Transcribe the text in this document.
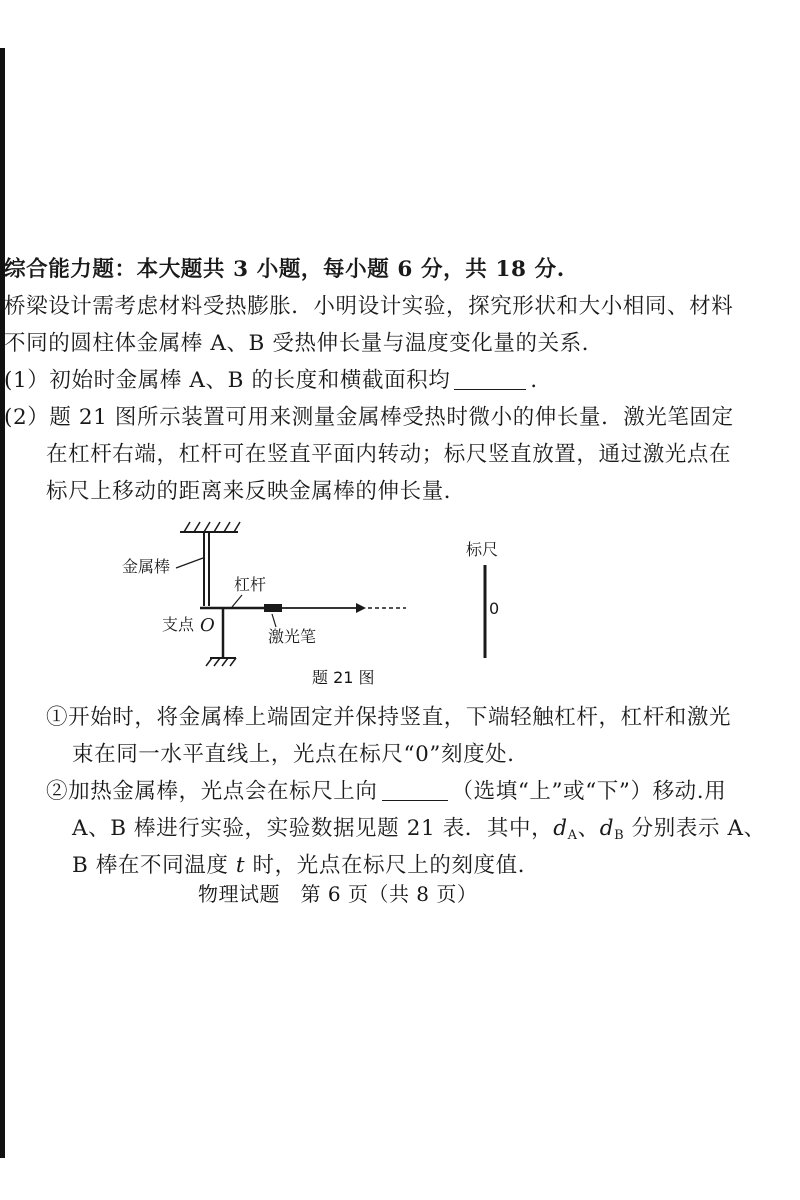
综合能力题：本大题共 3 小题，每小题 6 分，共 18 分.
桥梁设计需考虑材料受热膨胀．小明设计实验，探究形状和大小相同、材料
不同的圆柱体金属棒 A、B 受热伸长量与温度变化量的关系．
(1）初始时金属棒 A、B 的长度和横截面积均	．
(2）题 21 图所示装置可用来测量金属棒受热时微小的伸长量．激光笔固定
在杠杆右端，杠杆可在竖直平面内转动；标尺竖直放置，通过激光点在
标尺上移动的距离来反映金属棒的伸长量．
金属棒
杠杆
支点 O
激光笔
标尺
0
题 21 图
①开始时，将金属棒上端固定并保持竖直，下端轻触杠杆，杠杆和激光
束在同一水平直线上，光点在标尺“0”刻度处．
②加热金属棒，光点会在标尺上向	（选填“上”或“下”）移动.用
A、B 棒进行实验，实验数据见题 21 表．其中，$d_A$、$d_B$ 分别表示 A、
B 棒在不同温度 t 时，光点在标尺上的刻度值．
物理试题　第 6 页（共 8 页）
